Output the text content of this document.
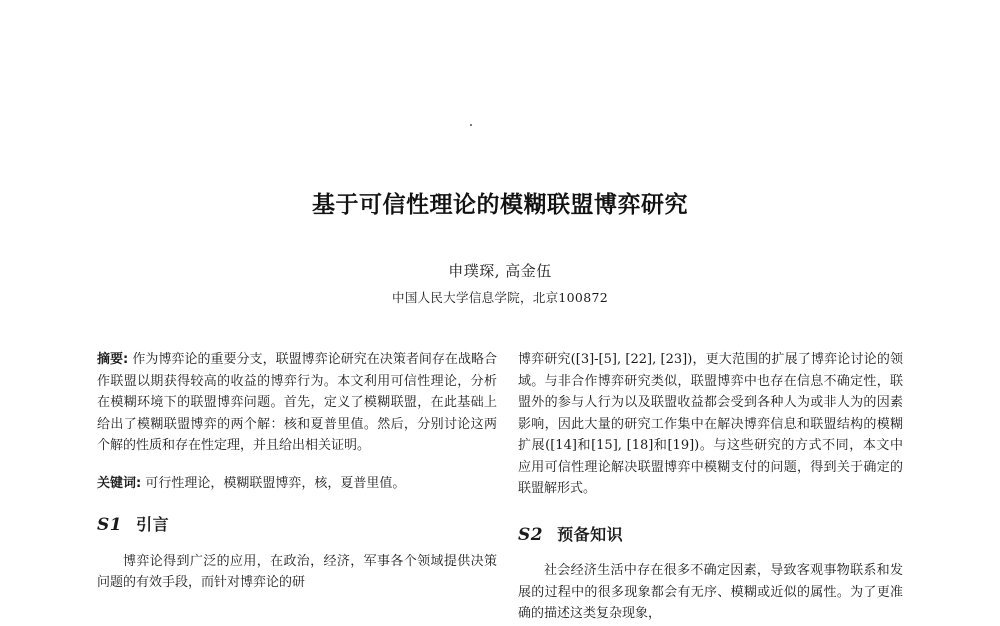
基于可信性理论的模糊联盟博弈研究
申璞琛, 高金伍
中国人民大学信息学院，北京100872

摘要: 作为博弈论的重要分支，联盟博弈论研究在决策者间存在战略合作联盟以期获得较高的收益的博弈行为。本文利用可信性理论，分析在模糊环境下的联盟博弈问题。首先，定义了模糊联盟，在此基础上给出了模糊联盟博弈的两个解：核和夏普里值。然后，分别讨论这两个解的性质和存在性定理，并且给出相关证明。

关键词: 可行性理论，模糊联盟博弈，核，夏普里值。

S1 引言

博弈论得到广泛的应用，在政治，经济，军事各个领域提供决策问题的有效手段，而针对博弈论的研

博弈研究([3]-[5], [22], [23])，更大范围的扩展了博弈论讨论的领域。与非合作博弈研究类似，联盟博弈中也存在信息不确定性，联盟外的参与人行为以及联盟收益都会受到各种人为或非人为的因素影响，因此大量的研究工作集中在解决博弈信息和联盟结构的模糊扩展([14]和[15], [18]和[19])。与这些研究的方式不同，本文中应用可信性理论解决联盟博弈中模糊支付的问题，得到关于确定的联盟解形式。

S2 预备知识

社会经济生活中存在很多不确定因素，导致客观事物联系和发展的过程中的很多现象都会有无序、模糊或近似的属性。为了更准确的描述这类复杂现象，
